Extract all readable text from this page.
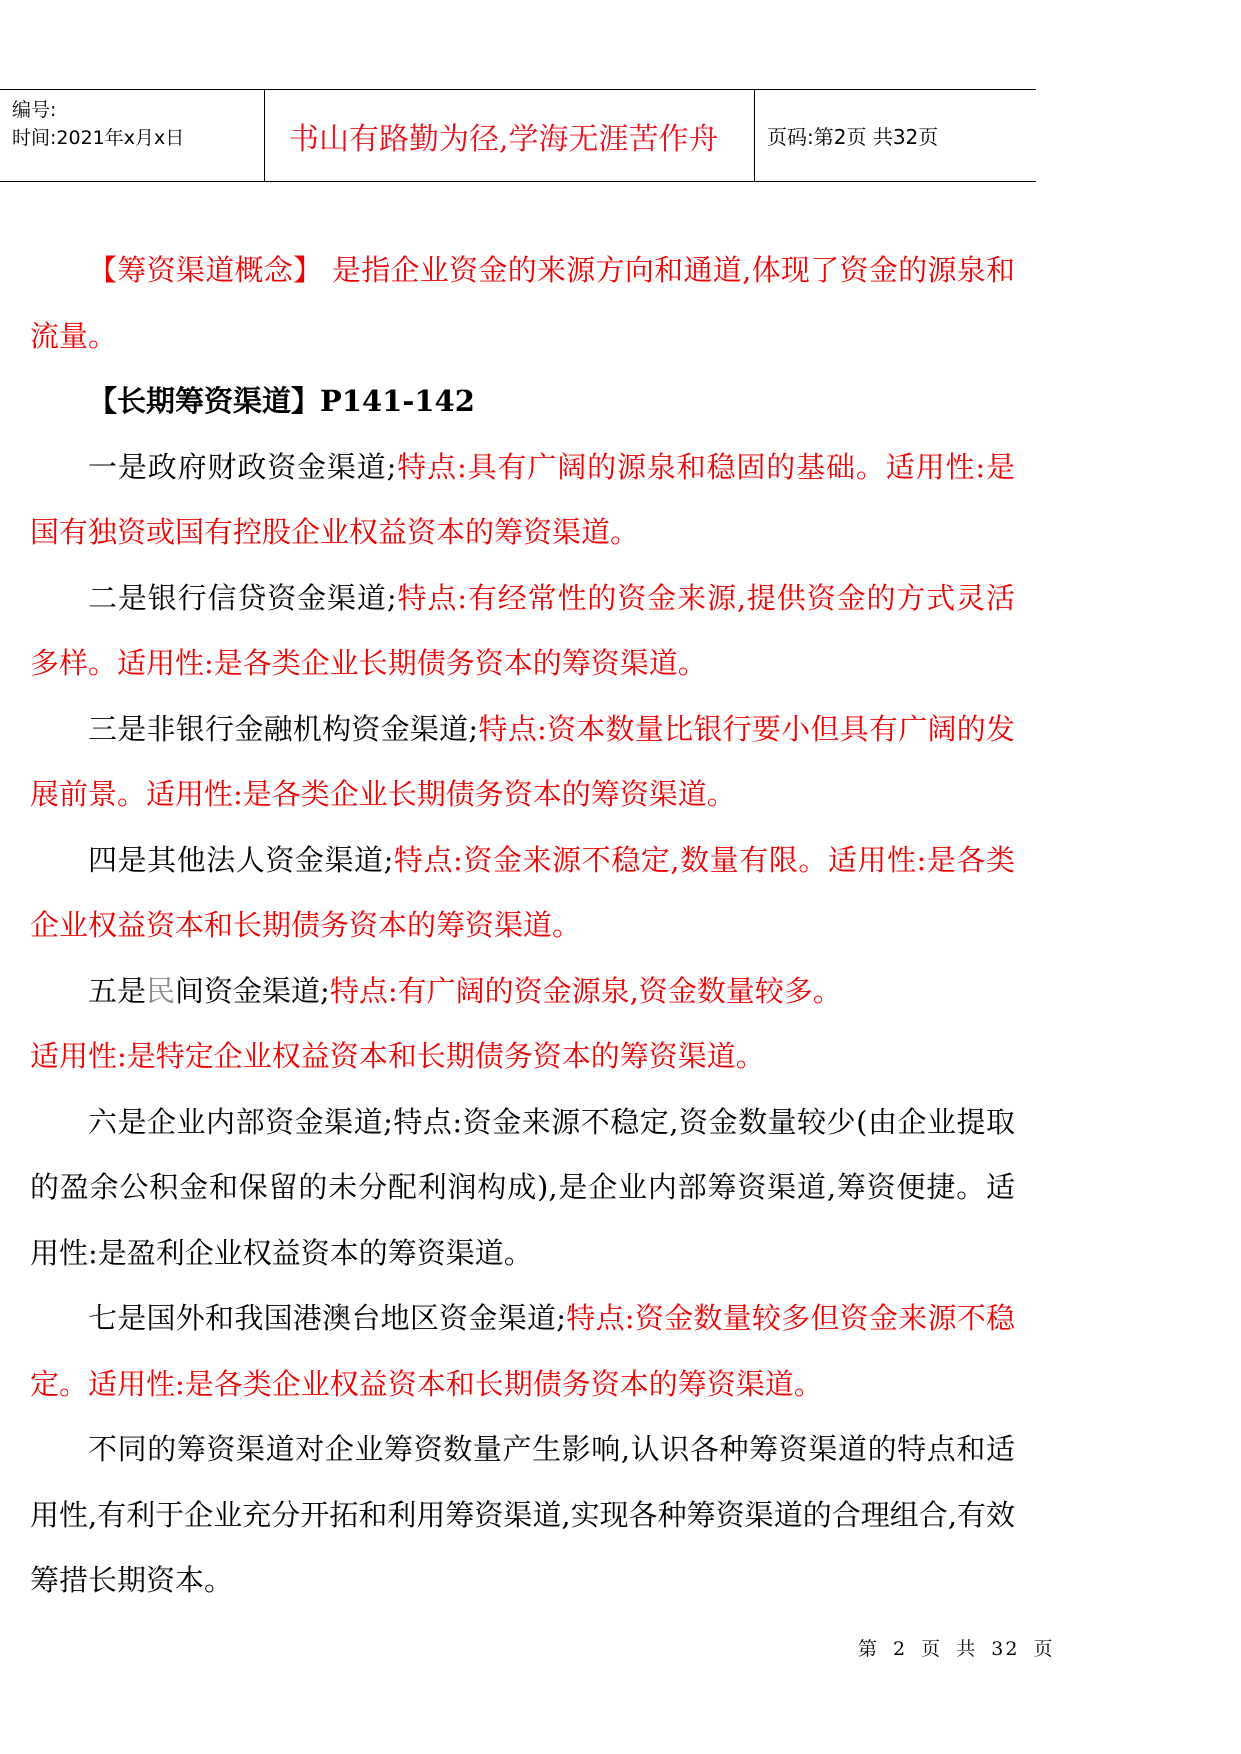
编号:
时间:2021年x月x日	书山有路勤为径,学海无涯苦作舟 页码:第2页 共32页

【筹资渠道概念】 是指企业资金的来源方向和通道,体现了资金的源泉和流量。

【长期筹资渠道】P141-142

一是政府财政资金渠道;特点:具有广阔的源泉和稳固的基础。适用性:是国有独资或国有控股企业权益资本的筹资渠道。

二是银行信贷资金渠道;特点:有经常性的资金来源,提供资金的方式灵活多样。适用性:是各类企业长期债务资本的筹资渠道。

三是非银行金融机构资金渠道;特点:资本数量比银行要小但具有广阔的发展前景。适用性:是各类企业长期债务资本的筹资渠道。

四是其他法人资金渠道;特点:资金来源不稳定,数量有限。适用性:是各类企业权益资本和长期债务资本的筹资渠道。

五是民间资金渠道;特点:有广阔的资金源泉,资金数量较多。

适用性:是特定企业权益资本和长期债务资本的筹资渠道。

六是企业内部资金渠道;特点:资金来源不稳定,资金数量较少(由企业提取的盈余公积金和保留的未分配利润构成),是企业内部筹资渠道,筹资便捷。适用性:是盈利企业权益资本的筹资渠道。

七是国外和我国港澳台地区资金渠道;特点:资金数量较多但资金来源不稳定。适用性:是各类企业权益资本和长期债务资本的筹资渠道。

不同的筹资渠道对企业筹资数量产生影响,认识各种筹资渠道的特点和适用性,有利于企业充分开拓和利用筹资渠道,实现各种筹资渠道的合理组合,有效筹措长期资本。

第 2 页 共 32 页
